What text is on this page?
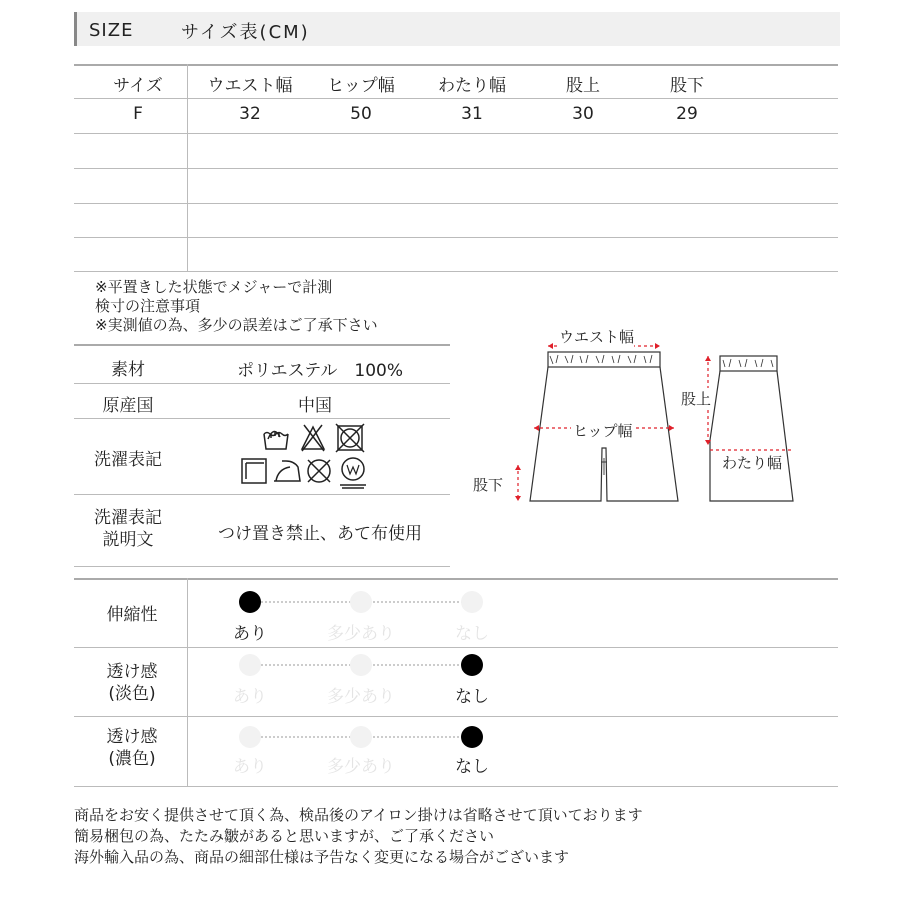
SIZE	サイズ表(CM)
サイズ	ウエスト幅	ヒップ幅	わたり幅	股上	股下
F	32	50	31	30	29
※平置きした状態でメジャーで計測
検寸の注意事項
※実測値の為、多少の誤差はご了承下さい
素材	ポリエステル　100%
原産国	中国
洗濯表記
洗濯表記
説明文	つけ置き禁止、あて布使用
ウエスト幅
ヒップ幅
股下
股上
わたり幅
伸縮性
あり	多少あり	なし
透け感
(淡色)	あり	多少あり	なし
透け感
(濃色)	あり	多少あり	なし
商品をお安く提供させて頂く為、検品後のアイロン掛けは省略させて頂いております
簡易梱包の為、たたみ皺があると思いますが、ご了承ください
海外輸入品の為、商品の細部仕様は予告なく変更になる場合がございます
